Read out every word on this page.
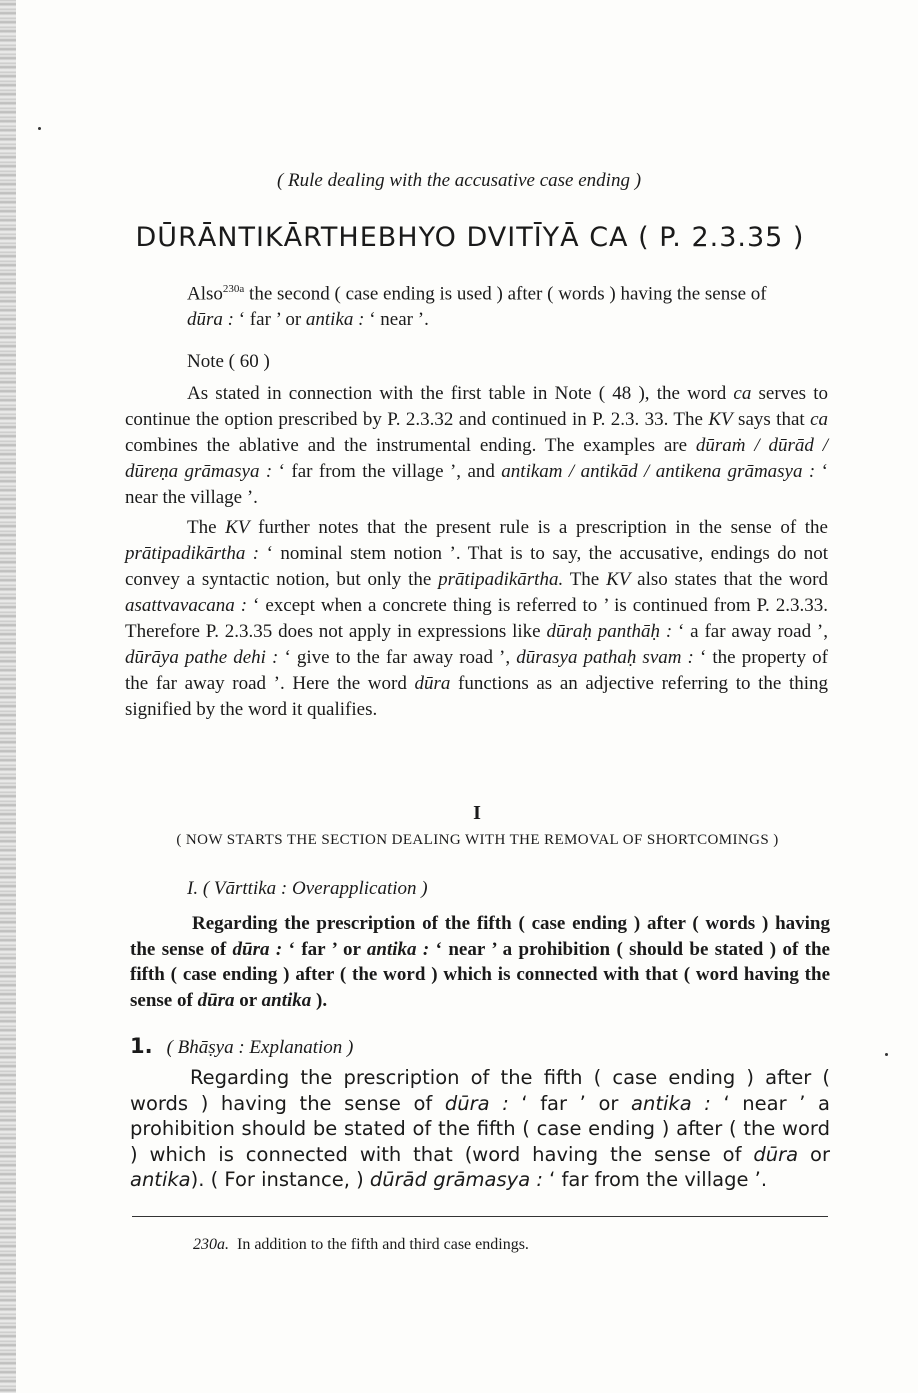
( Rule dealing with the accusative case ending )

DŪRĀNTIKĀRTHEBHYO DVITĪYĀ CA ( P. 2.3.35 )

Also$^{230a}$ the second ( case ending is used ) after ( words ) having the sense of dūra : ‘ far ’ or antika : ‘ near ’.

Note ( 60 )

As stated in connection with the first table in Note ( 48 ), the word ca serves to continue the option prescribed by P. 2.3.32 and continued in P. 2.3. 33. The KV says that ca combines the ablative and the instrumental ending. The examples are dūraṁ / dūrād / dūreṇa grāmasya : ‘ far from the village ’, and antikam / antikād / antikena grāmasya : ‘ near the village ’.

The KV further notes that the present rule is a prescription in the sense of the prātipadikārtha : ‘ nominal stem notion ’. That is to say, the accusative, endings do not convey a syntactic notion, but only the prātipadikārtha. The KV also states that the word asattvavacana : ‘ except when a concrete thing is referred to ’ is continued from P. 2.3.33. Therefore P. 2.3.35 does not apply in expressions like dūraḥ panthāḥ : ‘ a far away road ’, dūrāya pathe dehi : ‘ give to the far away road ’, dūrasya pathaḥ svam : ‘ the property of the far away road ’. Here the word dūra functions as an adjective referring to the thing signified by the word it qualifies.

I

( NOW STARTS THE SECTION DEALING WITH THE REMOVAL OF SHORTCOMINGS )

I. ( Vārttika : Overapplication )

Regarding the prescription of the fifth ( case ending ) after ( words ) having the sense of dūra : ‘ far ’ or antika : ‘ near ’ a prohibition ( should be stated ) of the fifth ( case ending ) after ( the word ) which is connected with that ( word having the sense of dūra or antika ).

1. ( Bhāṣya : Explanation )

Regarding the prescription of the fifth ( case ending ) after ( words ) having the sense of dūra : ‘ far ’ or antika : ‘ near ’ a prohibition should be stated of the fifth ( case ending ) after ( the word ) which is connected with that (word having the sense of dūra or antika). ( For instance, ) dūrād grāmasya : ‘ far from the village ’.

230a. In addition to the fifth and third case endings.
